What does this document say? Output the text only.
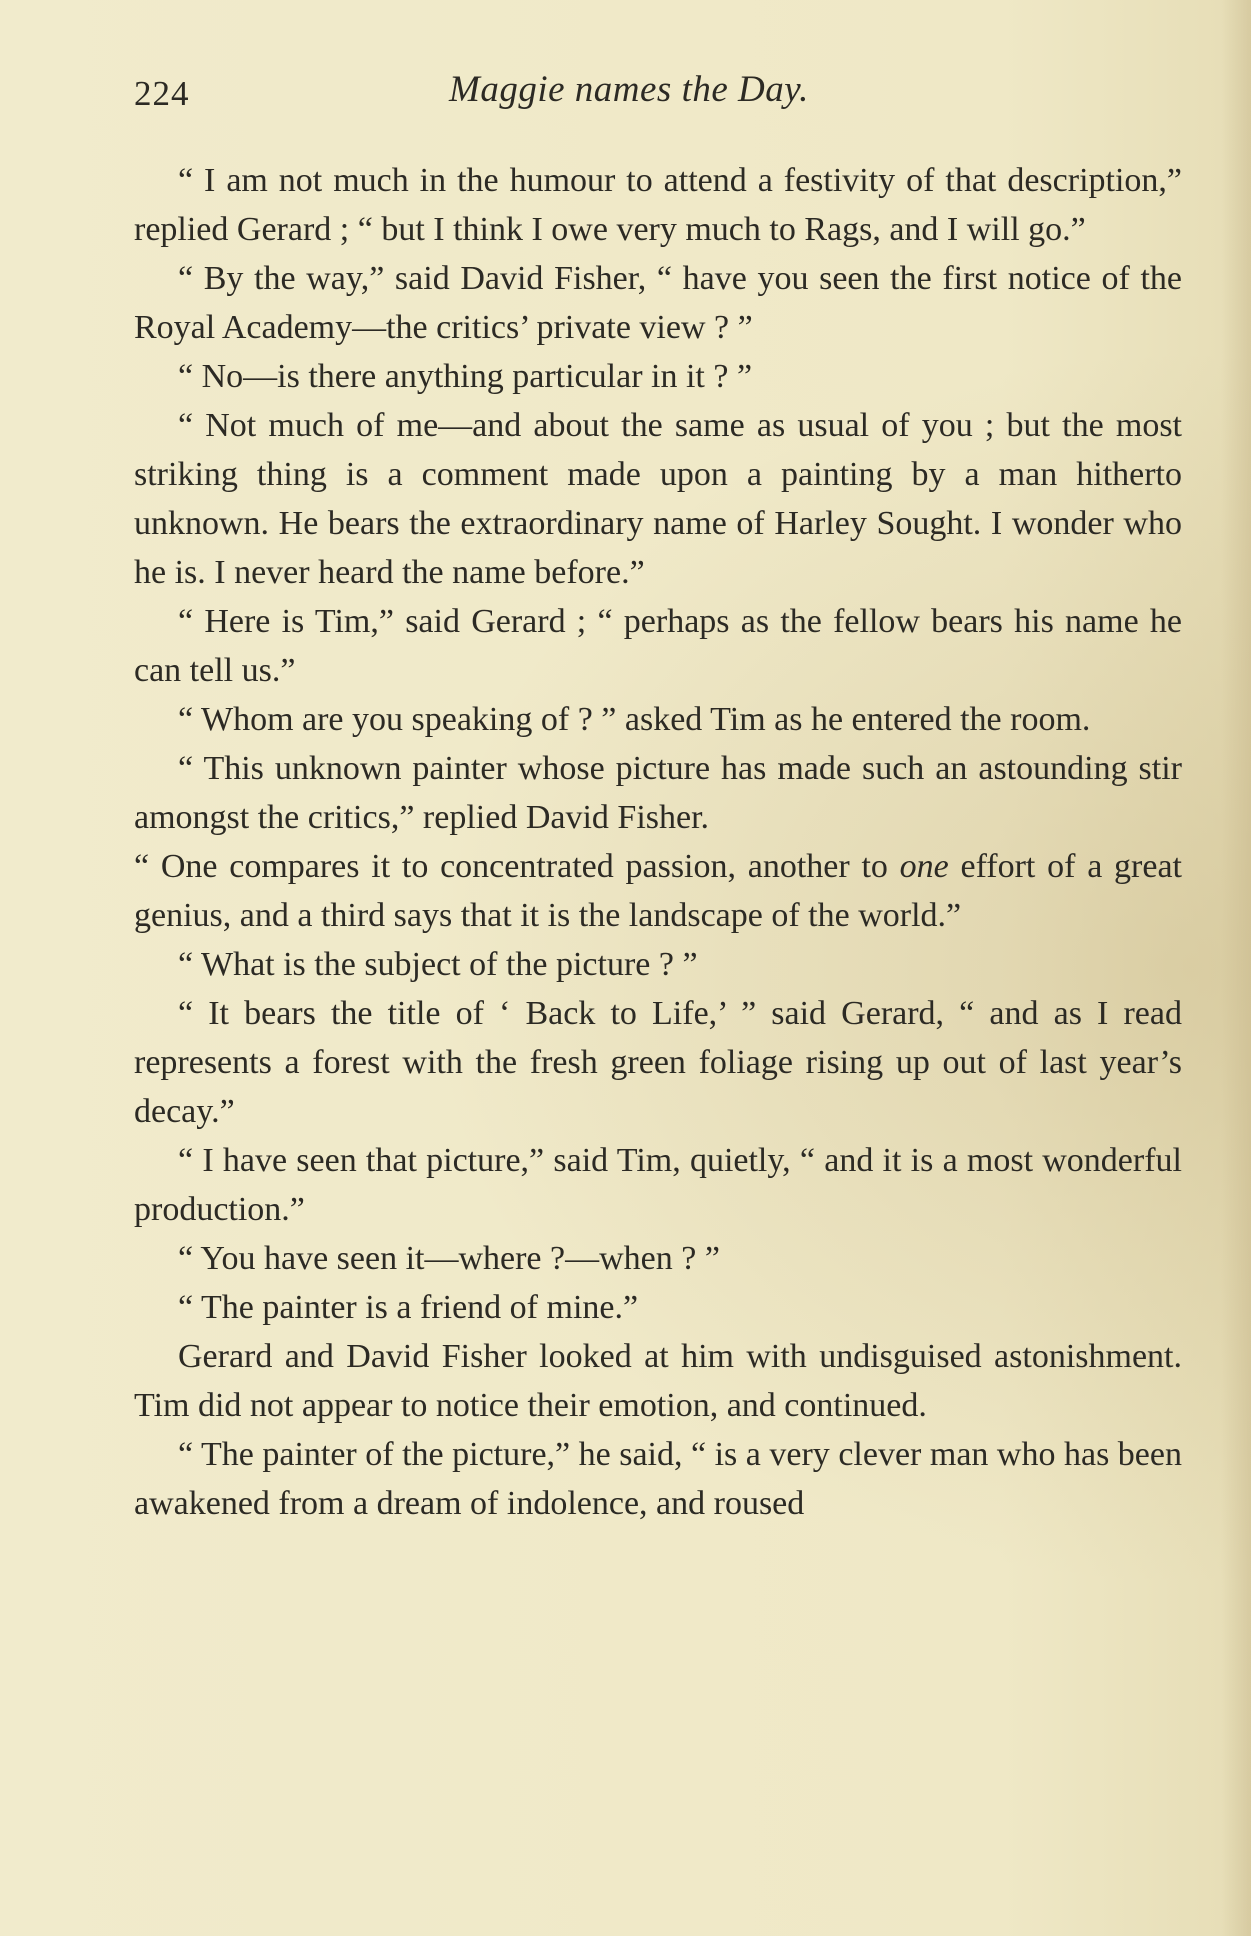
224	Maggie names the Day.

“ I am not much in the humour to attend a festivity of that description,” replied Gerard ; “ but I think I owe very much to Rags, and I will go.”

“ By the way,” said David Fisher, “ have you seen the first notice of the Royal Academy—the critics’ private view ? ”

“ No—is there anything particular in it ? ”

“ Not much of me—and about the same as usual of you ; but the most striking thing is a comment made upon a painting by a man hitherto unknown. He bears the extraordinary name of Harley Sought. I wonder who he is. I never heard the name before.”

“ Here is Tim,” said Gerard ; “ perhaps as the fellow bears his name he can tell us.”

“ Whom are you speaking of ? ” asked Tim as he entered the room.

“ This unknown painter whose picture has made such an astounding stir amongst the critics,” replied David Fisher.

“ One compares it to concentrated passion, another to one effort of a great genius, and a third says that it is the landscape of the world.”

“ What is the subject of the picture ? ”

“ It bears the title of ‘ Back to Life,’ ” said Gerard, “ and as I read represents a forest with the fresh green foliage rising up out of last year’s decay.”

“ I have seen that picture,” said Tim, quietly, “ and it is a most wonderful production.”

“ You have seen it—where ?—when ? ”

“ The painter is a friend of mine.”

Gerard and David Fisher looked at him with undisguised astonishment. Tim did not appear to notice their emotion, and continued.

“ The painter of the picture,” he said, “ is a very clever man who has been awakened from a dream of indolence, and roused
